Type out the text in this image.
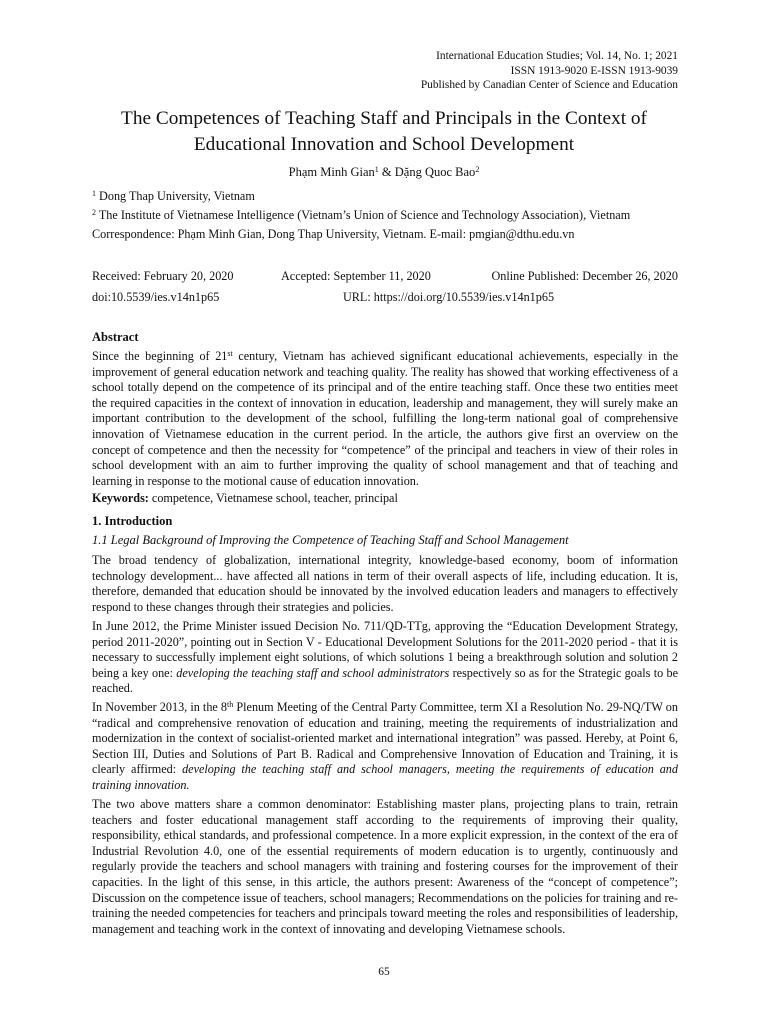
International Education Studies; Vol. 14, No. 1; 2021
ISSN 1913-9020 E-ISSN 1913-9039
Published by Canadian Center of Science and Education
The Competences of Teaching Staff and Principals in the Context of
Educational Innovation and School Development
Phạm Minh Gian$^1$ & Dặng Quoc Bao$^2$
$^1$ Dong Thap University, Vietnam
$^2$ The Institute of Vietnamese Intelligence (Vietnam’s Union of Science and Technology Association), Vietnam
Correspondence: Phạm Minh Gian, Dong Thap University, Vietnam. E-mail: pmgian@dthu.edu.vn
Received: February 20, 2020	Accepted: September 11, 2020	Online Published: December 26, 2020
doi:10.5539/ies.v14n1p65	URL: https://doi.org/10.5539/ies.v14n1p65
Abstract
Since the beginning of 21st century, Vietnam has achieved significant educational achievements, especially in the improvement of general education network and teaching quality. The reality has showed that working effectiveness of a school totally depend on the competence of its principal and of the entire teaching staff. Once these two entities meet the required capacities in the context of innovation in education, leadership and management, they will surely make an important contribution to the development of the school, fulfilling the long-term national goal of comprehensive innovation of Vietnamese education in the current period. In the article, the authors give first an overview on the concept of competence and then the necessity for “competence” of the principal and teachers in view of their roles in school development with an aim to further improving the quality of school management and that of teaching and learning in response to the motional cause of education innovation.
Keywords: competence, Vietnamese school, teacher, principal
1. Introduction
1.1 Legal Background of Improving the Competence of Teaching Staff and School Management
The broad tendency of globalization, international integrity, knowledge-based economy, boom of information technology development... have affected all nations in term of their overall aspects of life, including education. It is, therefore, demanded that education should be innovated by the involved education leaders and managers to effectively respond to these changes through their strategies and policies.
In June 2012, the Prime Minister issued Decision No. 711/QD-TTg, approving the “Education Development Strategy, period 2011-2020”, pointing out in Section V - Educational Development Solutions for the 2011-2020 period - that it is necessary to successfully implement eight solutions, of which solutions 1 being a breakthrough solution and solution 2 being a key one: developing the teaching staff and school administrators respectively so as for the Strategic goals to be reached.
In November 2013, in the 8th Plenum Meeting of the Central Party Committee, term XI a Resolution No. 29-NQ/TW on “radical and comprehensive renovation of education and training, meeting the requirements of industrialization and modernization in the context of socialist-oriented market and international integration” was passed. Hereby, at Point 6, Section III, Duties and Solutions of Part B. Radical and Comprehensive Innovation of Education and Training, it is clearly affirmed: developing the teaching staff and school managers, meeting the requirements of education and training innovation.
The two above matters share a common denominator: Establishing master plans, projecting plans to train, retrain teachers and foster educational management staff according to the requirements of improving their quality, responsibility, ethical standards, and professional competence. In a more explicit expression, in the context of the era of Industrial Revolution 4.0, one of the essential requirements of modern education is to urgently, continuously and regularly provide the teachers and school managers with training and fostering courses for the improvement of their capacities. In the light of this sense, in this article, the authors present: Awareness of the “concept of competence”; Discussion on the competence issue of teachers, school managers; Recommendations on the policies for training and re- training the needed competencies for teachers and principals toward meeting the roles and responsibilities of leadership, management and teaching work in the context of innovating and developing Vietnamese schools.
65
